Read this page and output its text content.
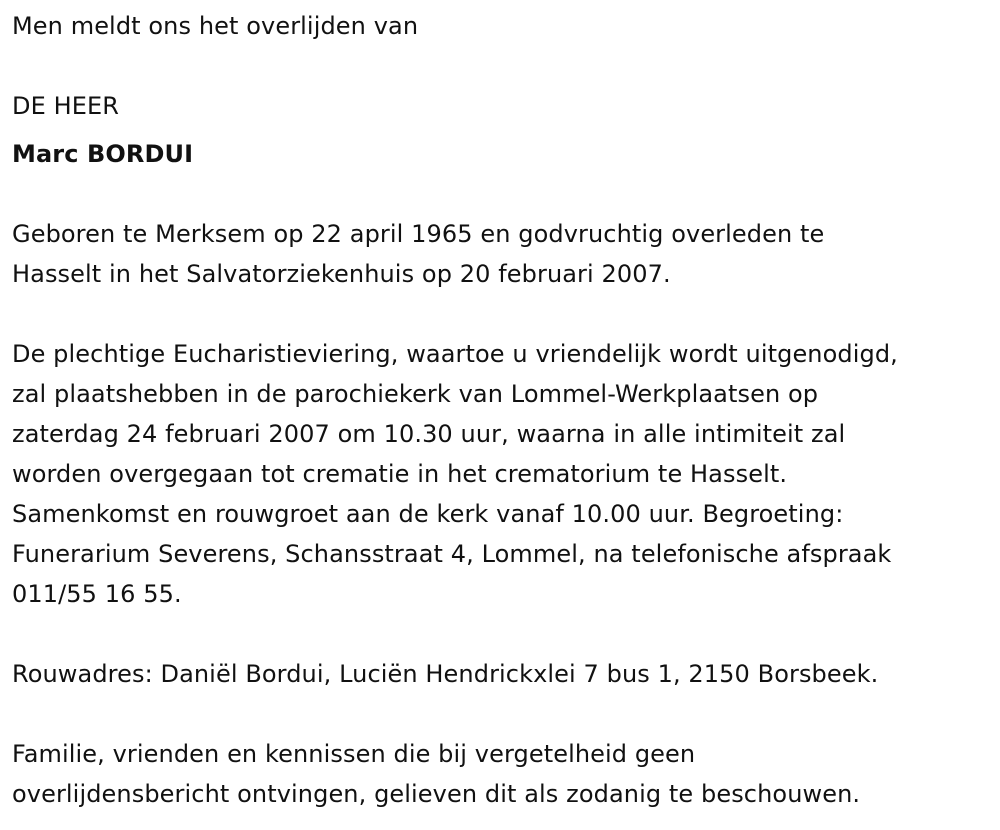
Men meldt ons het overlijden van
DE HEER
Marc BORDUI
Geboren te Merksem op 22 april 1965 en godvruchtig overleden te
Hasselt in het Salvatorziekenhuis op 20 februari 2007.
De plechtige Eucharistieviering, waartoe u vriendelijk wordt uitgenodigd,
zal plaatshebben in de parochiekerk van Lommel-Werkplaatsen op
zaterdag 24 februari 2007 om 10.30 uur, waarna in alle intimiteit zal
worden overgegaan tot crematie in het crematorium te Hasselt.
Samenkomst en rouwgroet aan de kerk vanaf 10.00 uur. Begroeting:
Funerarium Severens, Schansstraat 4, Lommel, na telefonische afspraak
011/55 16 55.
Rouwadres: Daniël Bordui, Luciën Hendrickxlei 7 bus 1, 2150 Borsbeek.
Familie, vrienden en kennissen die bij vergetelheid geen
overlijdensbericht ontvingen, gelieven dit als zodanig te beschouwen.
